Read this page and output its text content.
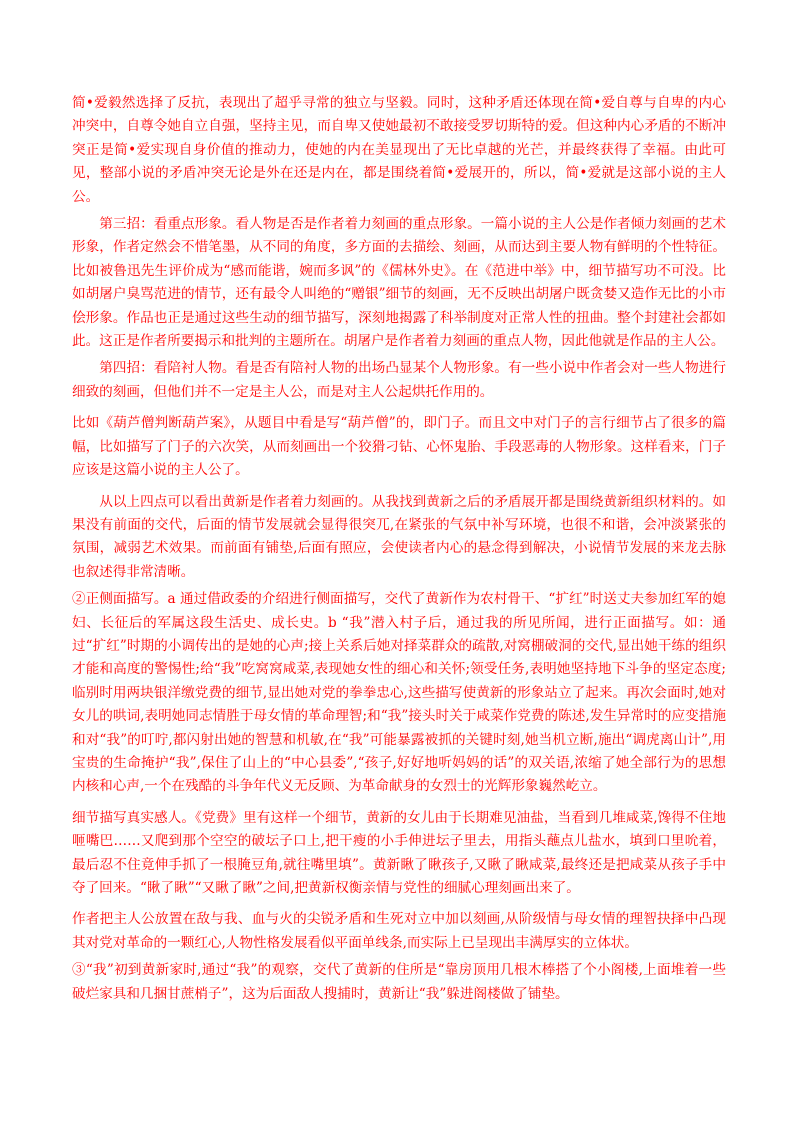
简•爱毅然选择了反抗，表现出了超乎寻常的独立与坚毅。同时，这种矛盾还体现在简•爱自尊与自卑的内心冲突中，自尊令她自立自强，坚持主见，而自卑又使她最初不敢接受罗切斯特的爱。但这种内心矛盾的不断冲突正是简•爱实现自身价值的推动力，使她的内在美显现出了无比卓越的光芒，并最终获得了幸福。由此可见，整部小说的矛盾冲突无论是外在还是内在，都是围绕着简•爱展开的，所以，简•爱就是这部小说的主人公。

第三招：看重点形象。看人物是否是作者着力刻画的重点形象。一篇小说的主人公是作者倾力刻画的艺术形象，作者定然会不惜笔墨，从不同的角度，多方面的去描绘、刻画，从而达到主要人物有鲜明的个性特征。比如被鲁迅先生评价成为“感而能谐，婉而多讽”的《儒林外史》。在《范进中举》中，细节描写功不可没。比如胡屠户臭骂范进的情节，还有最令人叫绝的“赠银”细节的刻画，无不反映出胡屠户既贪婪又造作无比的小市侩形象。作品也正是通过这些生动的细节描写，深刻地揭露了科举制度对正常人性的扭曲。整个封建社会都如此。这正是作者所要揭示和批判的主题所在。胡屠户是作者着力刻画的重点人物，因此他就是作品的主人公。

第四招：看陪衬人物。看是否有陪衬人物的出场凸显某个人物形象。有一些小说中作者会对一些人物进行细致的刻画，但他们并不一定是主人公，而是对主人公起烘托作用的。

比如《葫芦僧判断葫芦案》，从题目中看是写“葫芦僧”的，即门子。而且文中对门子的言行细节占了很多的篇幅，比如描写了门子的六次笑，从而刻画出一个狡猾刁钻、心怀鬼胎、手段恶毒的人物形象。这样看来，门子应该是这篇小说的主人公了。

从以上四点可以看出黄新是作者着力刻画的。从我找到黄新之后的矛盾展开都是围绕黄新组织材料的。如果没有前面的交代，后面的情节发展就会显得很突兀,在紧张的气氛中补写环境，也很不和谐，会冲淡紧张的氛围，减弱艺术效果。而前面有铺垫,后面有照应，会使读者内心的悬念得到解决，小说情节发展的来龙去脉也叙述得非常清晰。

②正侧面描写。a 通过借政委的介绍进行侧面描写，交代了黄新作为农村骨干、“扩红”时送丈夫参加红军的媳妇、长征后的军属这段生活史、成长史。b “我”潜入村子后，通过我的所见所闻，进行正面描写。如：通过“扩红”时期的小调传出的是她的心声;接上关系后她对择菜群众的疏散,对窝棚破洞的交代,显出她干练的组织才能和高度的警惕性;给“我”吃窝窝咸菜,表现她女性的细心和关怀;领受任务,表明她坚持地下斗争的坚定态度;临别时用两块银洋缴党费的细节,显出她对党的拳拳忠心,这些描写使黄新的形象站立了起来。再次会面时,她对女儿的哄词,表明她同志情胜于母女情的革命理智;和“我”接头时关于咸菜作党费的陈述,发生异常时的应变措施和对“我”的叮咛,都闪射出她的智慧和机敏,在“我”可能暴露被抓的关键时刻,她当机立断,施出“调虎离山计”,用宝贵的生命掩护“我”,保住了山上的“中心县委”,“孩子,好好地听妈妈的话”的双关语,浓缩了她全部行为的思想内核和心声,一个在残酷的斗争年代义无反顾、为革命献身的女烈士的光辉形象巍然屹立。

细节描写真实感人。《党费》里有这样一个细节，黄新的女儿由于长期难见油盐，当看到几堆咸菜,馋得不住地咂嘴巴……又爬到那个空空的破坛子口上,把干瘦的小手伸进坛子里去，用指头蘸点儿盐水，填到口里吮着，最后忍不住竟伸手抓了一根腌豆角,就往嘴里填”。黄新瞅了瞅孩子,又瞅了瞅咸菜,最终还是把咸菜从孩子手中夺了回来。“瞅了瞅”“又瞅了瞅”之间,把黄新权衡亲情与党性的细腻心理刻画出来了。

作者把主人公放置在敌与我、血与火的尖锐矛盾和生死对立中加以刻画,从阶级情与母女情的理智抉择中凸现其对党对革命的一颗红心,人物性格发展看似平面单线条,而实际上已呈现出丰满厚实的立体状。

③“我”初到黄新家时,通过“我”的观察，交代了黄新的住所是“靠房顶用几根木棒搭了个小阁楼,上面堆着一些破烂家具和几捆甘蔗梢子”，这为后面敌人搜捕时，黄新让“我”躲进阁楼做了铺垫。
